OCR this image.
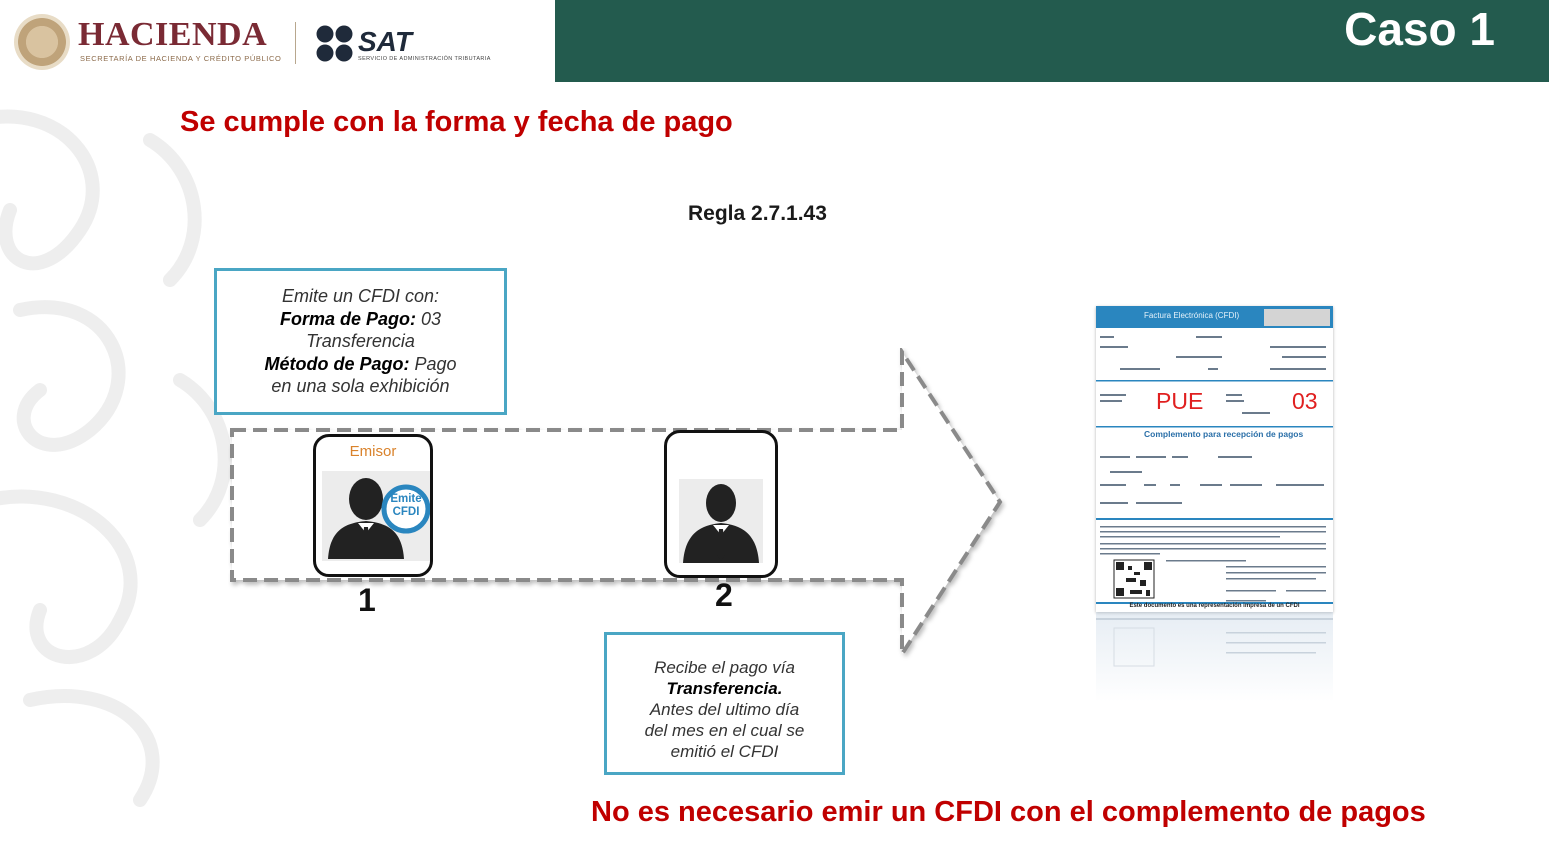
HACIENDA
SECRETARÍA DE HACIENDA Y CRÉDITO PÚBLICO
SAT
SERVICIO DE ADMINISTRACIÓN TRIBUTARIA
Caso 1
Se cumple con la forma y fecha de pago
Regla 2.7.1.43
Emite un CFDI con:
Forma de Pago: 03
Transferencia
Método de Pago: Pago
en una sola exhibición
Emisor
Emite
CFDI
1	2
Recibe el pago vía
Transferencia.
Antes del ultimo día
del mes en el cual se
emitió el CFDI
Factura Electrónica (CFDI)
PUE	03
Complemento para recepción de pagos
Este documento es una representación impresa de un CFDI
No es necesario emir un CFDI con el complemento de pagos
